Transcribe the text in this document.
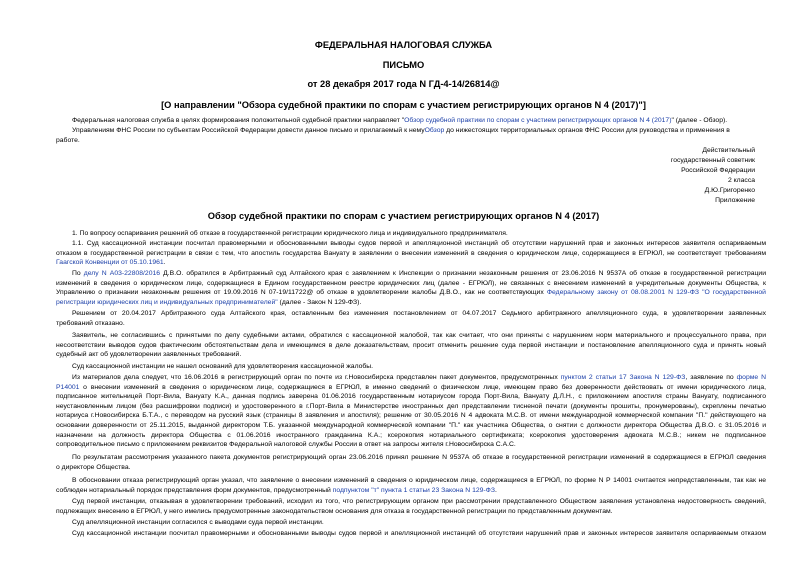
ФЕДЕРАЛЬНАЯ НАЛОГОВАЯ СЛУЖБА
ПИСЬМО
от 28 декабря 2017 года N ГД-4-14/26814@
[О направлении "Обзора судебной практики по спорам с участием регистрирующих органов N 4 (2017)"]
Федеральная налоговая служба в целях формирования положительной судебной практики направляет "Обзор судебной практики по спорам с участием регистрирующих органов N 4 (2017)" (далее - Обзор).
Управлениям ФНС России по субъектам Российской Федерации довести данное письмо и прилагаемый к немуОбзор до нижестоящих территориальных органов ФНС России для руководства и применения в
работе.
Действительный
государственный советник
Российской Федерации
2 класса
Д.Ю.Григоренко
Приложение
Обзор судебной практики по спорам с участием регистрирующих органов N 4 (2017)
1. По вопросу оспаривания решений об отказе в государственной регистрации юридического лица и индивидуального предпринимателя.
1.1. Суд кассационной инстанции посчитал правомерными и обоснованными выводы судов первой и апелляционной инстанций об отсутствии нарушений прав и законных интересов заявителя оспариваемым
отказом в государственной регистрации в связи с тем, что апостиль государства Вануату в заявлении о внесении изменений в сведения о юридическом лице, содержащиеся в ЕГРЮЛ, не соответствует требованиям
Гаагской Конвенции от 05.10.1961.
По делу N А03-22808/2016 Д.В.О. обратился в Арбитражный суд Алтайского края с заявлением к Инспекции о признании незаконным решения от 23.06.2016 N 9537А об отказе в государственной регистрации
изменений в сведения о юридическом лице, содержащиеся в Едином государственном реестре юридических лиц (далее - ЕГРЮЛ), не связанных с внесением изменений в учредительные документы Общества, к
Управлению о признании незаконным решения от 19.09.2016 N 07-19/11722@ об отказе в удовлетворении жалобы Д.В.О., как не соответствующих Федеральному закону от 08.08.2001 N 129-ФЗ "О государственной
регистрации юридических лиц и индивидуальных предпринимателей" (далее - Закон N 129-ФЗ).
Решением от 20.04.2017 Арбитражного суда Алтайского края, оставленным без изменения постановлением от 04.07.2017 Седьмого арбитражного апелляционного суда, в удовлетворении заявленных
требований отказано.
Заявитель, не согласившись с принятыми по делу судебными актами, обратился с кассационной жалобой, так как считает, что они приняты с нарушением норм материального и процессуального права, при
несоответствии выводов судов фактическим обстоятельствам дела и имеющимся в деле доказательствам, просит отменить решение суда первой инстанции и постановление апелляционного суда и принять новый
судебный акт об удовлетворении заявленных требований.
Суд кассационной инстанции не нашел оснований для удовлетворения кассационной жалобы.
Из материалов дела следует, что 16.06.2016 в регистрирующий орган по почте из г.Новосибирска представлен пакет документов, предусмотренных пунктом 2 статьи 17 Закона N 129-ФЗ, заявление по форме N
Р14001 о внесении изменений в сведения о юридическом лице, содержащиеся в ЕГРЮЛ, в именно сведений о физическом лице, имеющем право без доверенности действовать от имени юридического лица,
подписанное жительницей Порт-Вила, Вануату К.А., данная подпись заверена 01.06.2016 государственным нотариусом города Порт-Вила, Вануату Д.Л.Н., с приложением апостиля страны Вануату, подписанного
неустановленным лицом (без расшифровки подписи) и удостоверенного в г.Порт-Вила в Министерстве иностранных дел представлении тисненой печати (документы прошиты, пронумерованы), скреплены печатью
нотариуса г.Новосибирска Б.Т.А., с переводом на русский язык (страницы 8 заявления и апостиля); решение от 30.05.2016 N 4 адвоката М.С.В. от имени международной коммерческой компании "П." действующего на
основании доверенности от 25.11.2015, выданной директором Т.Б. указанной международной коммерческой компании "П." как участника Общества, о снятии с должности директора Общества Д.В.О. с 31.05.2016 и
назначении на должность директора Общества с 01.06.2016 иностранного гражданина К.А.; ксерокопия нотариального сертификата; ксерокопия удостоверения адвоката М.С.В.; никем не подписанное
сопроводительное письмо с приложением реквизитов Федеральной налоговой службы России в ответ на запросы жителя г.Новосибирска С.А.С.
По результатам рассмотрения указанного пакета документов регистрирующий орган 23.06.2016 принял решение N 9537А об отказе в государственной регистрации изменений в содержащиеся в ЕГРЮЛ сведения
о директоре Общества.
В обосновании отказа регистрирующий орган указал, что заявление о внесении изменений в сведения о юридическом лице, содержащиеся в ЕГРЮЛ, по форме N Р 14001 считается непредставленным, так как не
соблюден нотариальный порядок представления форм документов, предусмотренный подпунктом "т" пункта 1 статьи 23 Закона N 129-ФЗ.
Суд первой инстанции, отказывая в удовлетворении требований, исходил из того, что регистрирующим органом при рассмотрении представленного Обществом заявления установлена недостоверность сведений,
подлежащих внесению в ЕГРЮЛ, у него имелись предусмотренные законодательством основания для отказа в государственной регистрации по представленным документам.
Суд апелляционной инстанции согласился с выводами суда первой инстанции.
Суд кассационной инстанции посчитал правомерными и обоснованными выводы судов первой и апелляционной инстанций об отсутствии нарушений прав и законных интересов заявителя оспариваемым отказом
